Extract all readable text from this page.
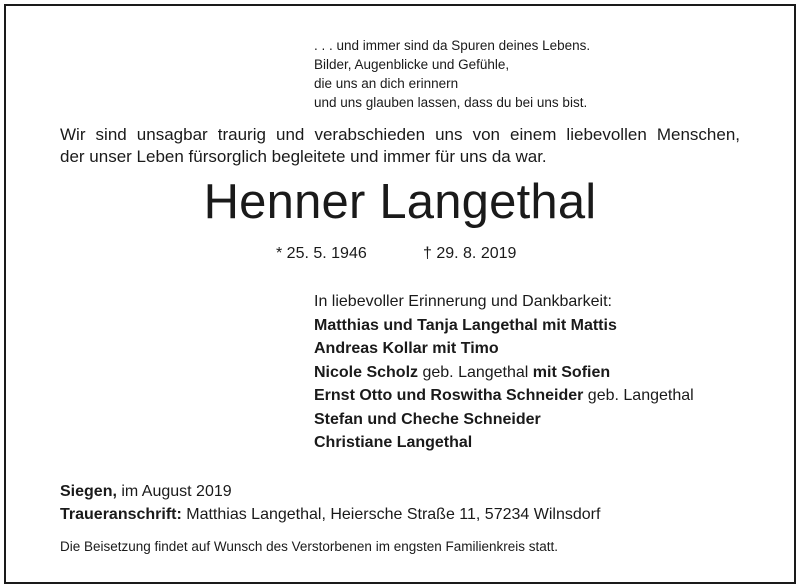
. . . und immer sind da Spuren deines Lebens.
Bilder, Augenblicke und Gefühle,
die uns an dich erinnern
und uns glauben lassen, dass du bei uns bist.
Wir sind unsagbar traurig und verabschieden uns von einem liebevollen Menschen,
der unser Leben fürsorglich begleitete und immer für uns da war.
Henner Langethal
* 25. 5. 1946	† 29. 8. 2019
In liebevoller Erinnerung und Dankbarkeit:
Matthias und Tanja Langethal mit Mattis
Andreas Kollar mit Timo
Nicole Scholz geb. Langethal mit Sofien
Ernst Otto und Roswitha Schneider geb. Langethal
Stefan und Cheche Schneider
Christiane Langethal
Siegen, im August 2019
Traueranschrift: Matthias Langethal, Heiersche Straße 11, 57234 Wilnsdorf
Die Beisetzung findet auf Wunsch des Verstorbenen im engsten Familienkreis statt.
